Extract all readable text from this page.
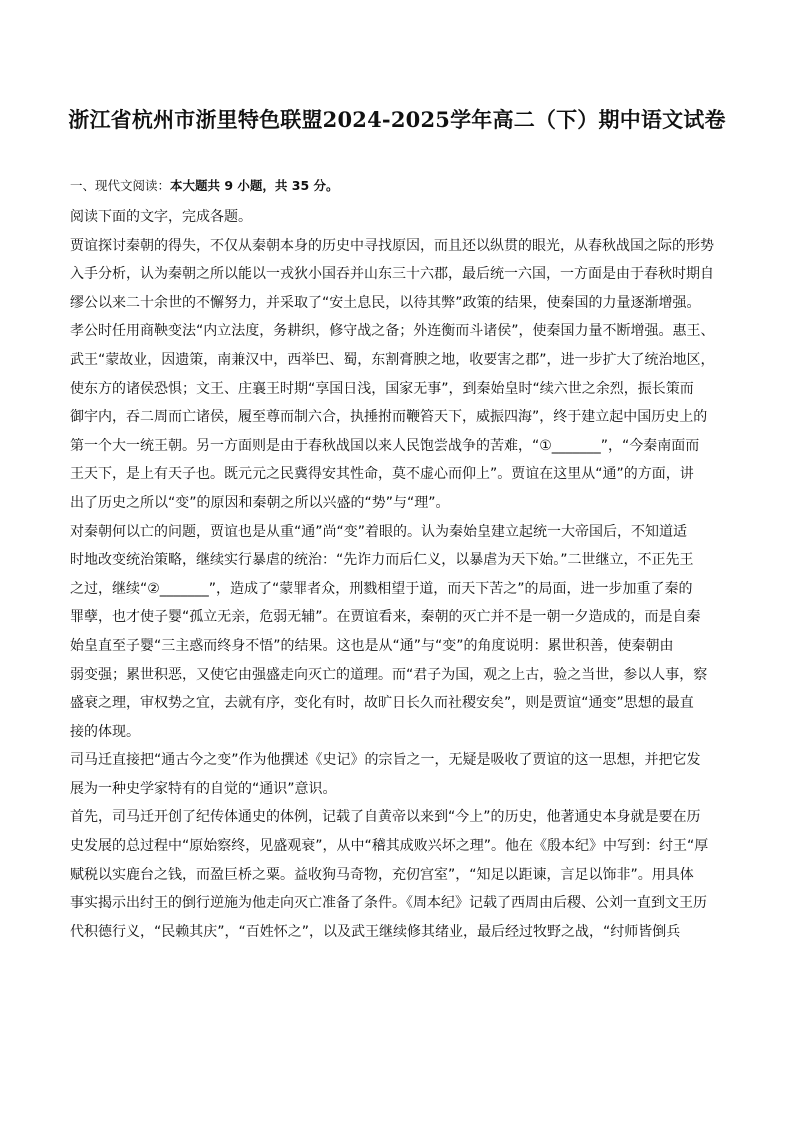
浙江省杭州市浙里特色联盟2024-2025学年高二（下）期中语文试卷
一、现代文阅读：本大题共 9 小题，共 35 分。
阅读下面的文字，完成各题。
贾谊探讨秦朝的得失，不仅从秦朝本身的历史中寻找原因，而且还以纵贯的眼光，从春秋战国之际的形势
入手分析，认为秦朝之所以能以一戎狄小国吞并山东三十六郡，最后统一六国，一方面是由于春秋时期自
缪公以来二十余世的不懈努力，并采取了“安土息民，以待其弊”政策的结果，使秦国的力量逐渐增强。
孝公时任用商鞅变法“内立法度，务耕织，修守战之备；外连衡而斗诸侯”，使秦国力量不断增强。惠王、
武王“蒙故业，因遗策，南兼汉中，西举巴、蜀，东割膏腴之地，收要害之郡”，进一步扩大了统治地区，
使东方的诸侯恐惧；文王、庄襄王时期“享国日浅，国家无事”，到秦始皇时“续六世之余烈，振长策而
御宇内，吞二周而亡诸侯，履至尊而制六合，执捶拊而鞭笞天下，威振四海”，终于建立起中国历史上的
第一个大一统王朝。另一方面则是由于春秋战国以来人民饱尝战争的苦难，“①_______”，“今秦南面而
王天下，是上有天子也。既元元之民冀得安其性命，莫不虚心而仰上”。贾谊在这里从“通”的方面，讲
出了历史之所以“变”的原因和秦朝之所以兴盛的“势”与“理”。
对秦朝何以亡的问题，贾谊也是从重“通”尚“变”着眼的。认为秦始皇建立起统一大帝国后，不知道适
时地改变统治策略，继续实行暴虐的统治：“先诈力而后仁义，以暴虐为天下始。”二世继立，不正先王
之过，继续“②_______”，造成了“蒙罪者众，刑戮相望于道，而天下苦之”的局面，进一步加重了秦的
罪孽，也才使子婴“孤立无亲，危弱无辅”。在贾谊看来，秦朝的灭亡并不是一朝一夕造成的，而是自秦
始皇直至子婴“三主惑而终身不悟”的结果。这也是从“通”与“变”的角度说明：累世积善，使秦朝由
弱变强；累世积恶，又使它由强盛走向灭亡的道理。而“君子为国，观之上古，验之当世，参以人事，察
盛衰之理，审权势之宜，去就有序，变化有时，故旷日长久而社稷安矣”，则是贾谊“通变”思想的最直
接的体现。
司马迁直接把“通古今之变”作为他撰述《史记》的宗旨之一，无疑是吸收了贾谊的这一思想，并把它发
展为一种史学家特有的自觉的“通识”意识。
首先，司马迁开创了纪传体通史的体例，记载了自黄帝以来到“今上”的历史，他著通史本身就是要在历
史发展的总过程中“原始察终，见盛观衰”，从中“稽其成败兴坏之理”。他在《殷本纪》中写到：纣王“厚
赋税以实鹿台之钱，而盈巨桥之粟。益收狗马奇物，充仞宫室”，“知足以距谏，言足以饰非”。用具体
事实揭示出纣王的倒行逆施为他走向灭亡准备了条件。《周本纪》记载了西周由后稷、公刘一直到文王历
代积德行义，“民赖其庆”，“百姓怀之”，以及武王继续修其绪业，最后经过牧野之战，“纣师皆倒兵
